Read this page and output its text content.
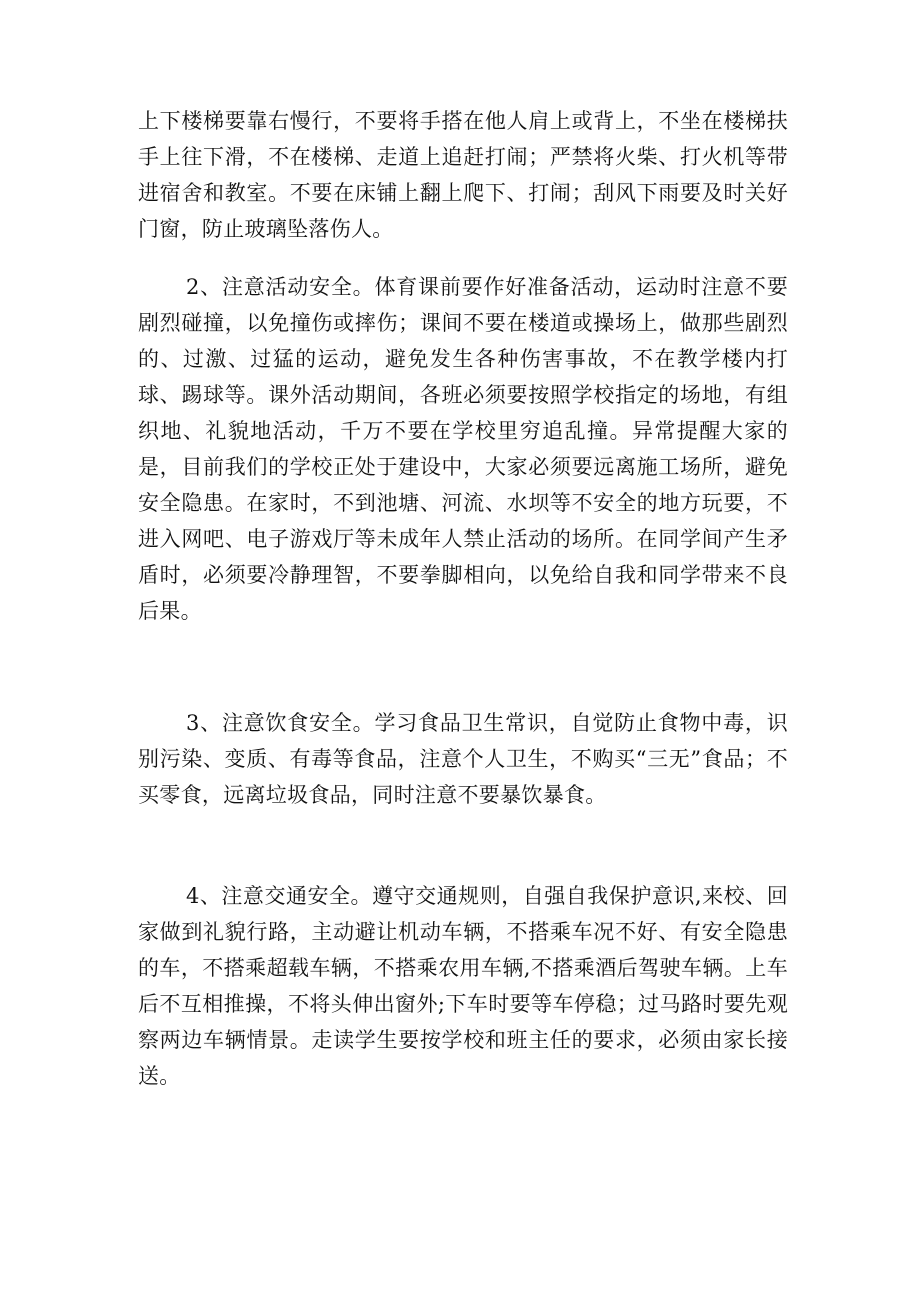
上下楼梯要靠右慢行，不要将手搭在他人肩上或背上，不坐在楼梯扶手上往下滑，不在楼梯、走道上追赶打闹；严禁将火柴、打火机等带进宿舍和教室。不要在床铺上翻上爬下、打闹；刮风下雨要及时关好门窗，防止玻璃坠落伤人。

2、注意活动安全。体育课前要作好准备活动，运动时注意不要剧烈碰撞，以免撞伤或摔伤；课间不要在楼道或操场上，做那些剧烈的、过激、过猛的运动，避免发生各种伤害事故，不在教学楼内打球、踢球等。课外活动期间，各班必须要按照学校指定的场地，有组织地、礼貌地活动，千万不要在学校里穷追乱撞。异常提醒大家的是，目前我们的学校正处于建设中，大家必须要远离施工场所，避免安全隐患。在家时，不到池塘、河流、水坝等不安全的地方玩要，不进入网吧、电子游戏厅等未成年人禁止活动的场所。在同学间产生矛盾时，必须要冷静理智，不要拳脚相向，以免给自我和同学带来不良后果。

3、注意饮食安全。学习食品卫生常识，自觉防止食物中毒，识别污染、变质、有毒等食品，注意个人卫生，不购买“三无”食品；不买零食，远离垃圾食品，同时注意不要暴饮暴食。

4、注意交通安全。遵守交通规则，自强自我保护意识,来校、回家做到礼貌行路，主动避让机动车辆，不搭乘车况不好、有安全隐患的车，不搭乘超载车辆，不搭乘农用车辆,不搭乘酒后驾驶车辆。上车后不互相推操，不将头伸出窗外;下车时要等车停稳；过马路时要先观察两边车辆情景。走读学生要按学校和班主任的要求，必须由家长接送。
